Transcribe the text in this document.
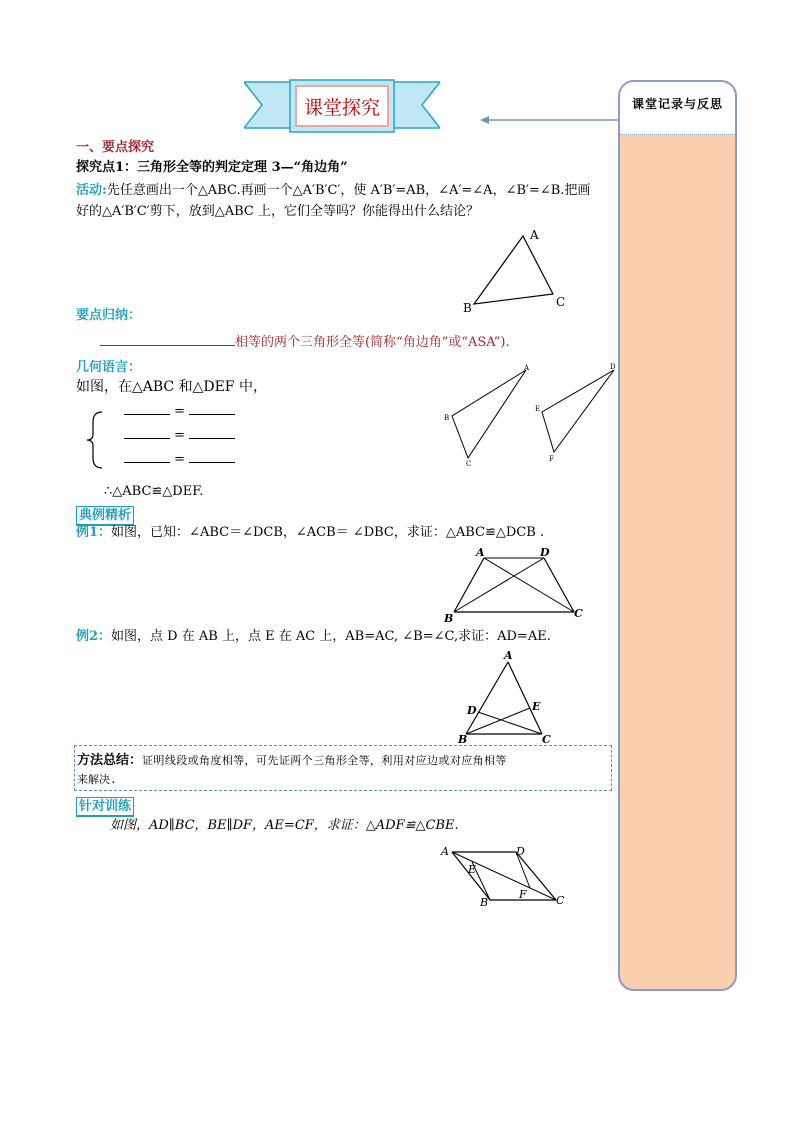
课堂探究	课堂记录与反思
一、要点探究
探究点1：三角形全等的判定定理 3—“角边角”
活动:先任意画出一个△ABC.再画一个△A′B′C′，使 A′B′=AB，∠A′=∠A，∠B′=∠B.把画
好的△A′B′C′剪下，放到△ABC 上，它们全等吗？你能得出什么结论？
A
B	C
要点归纳：
相等的两个三角形全等(简称“角边角”或“ASA”).
几何语言：
如图，在△ABC 和△DEF 中，
=
=
=
∴△ABC≌△DEF.
A
B
C
D
E
F
典例精析
例1：如图，已知：∠ABC＝∠DCB，∠ACB＝ ∠DBC，求证：△ABC≌△DCB .
A	D
B	C
例2：如图，点 D 在 AB 上，点 E 在 AC 上，AB=AC, ∠B=∠C,求证：AD=AE.
A
D	E
B	C
方法总结：证明线段或角度相等，可先证两个三角形全等，利用对应边或对应角相等
来解决.
针对训练
如图，AD∥BC，BE∥DF，AE=CF，求证：△ADF≌△CBE.
A	D
E
F
B	C
